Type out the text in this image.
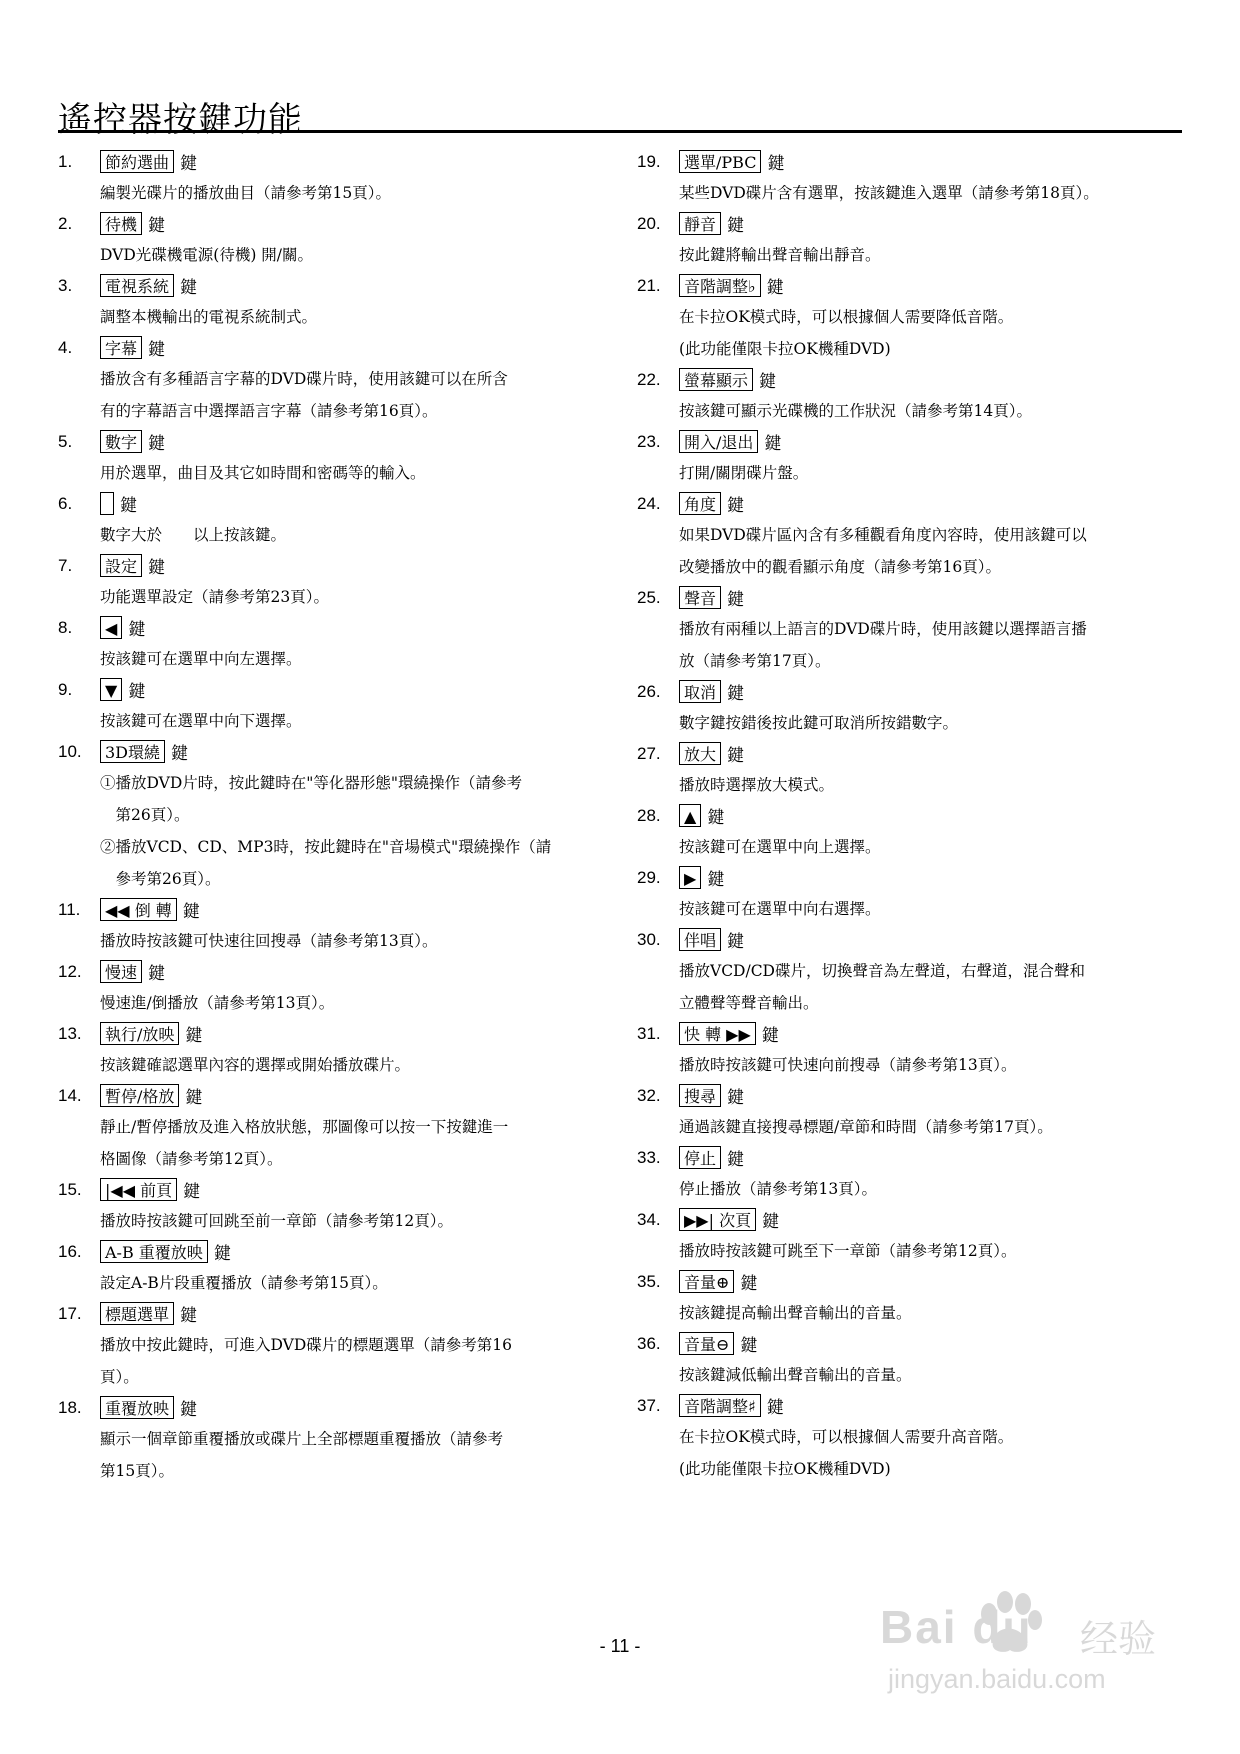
遙控器按鍵功能
1.	節約選曲 鍵
編製光碟片的播放曲目（請參考第15頁）。
2.	待機 鍵
DVD光碟機電源(待機) 開/關。
3.	電視系統 鍵
調整本機輸出的電視系統制式。
4.	字幕 鍵
播放含有多種語言字幕的DVD碟片時，使用該鍵可以在所含
有的字幕語言中選擇語言字幕（請參考第16頁）。
5.	數字 鍵
用於選單，曲目及其它如時間和密碼等的輸入。
6.	鍵
數字大於　　以上按該鍵。
7.	設定 鍵
功能選單設定（請參考第23頁）。
8.	◀ 鍵
按該鍵可在選單中向左選擇。
9.	▼ 鍵
按該鍵可在選單中向下選擇。
10.	3D環繞 鍵
①播放DVD片時，按此鍵時在"等化器形態"環繞操作（請參考
　第26頁）。
②播放VCD、CD、MP3時，按此鍵時在"音場模式"環繞操作（請
　參考第26頁）。
11.	◀◀ 倒 轉 鍵
播放時按該鍵可快速往回搜尋（請參考第13頁）。
12.	慢速 鍵
慢速進/倒播放（請參考第13頁）。
13.	執行/放映 鍵
按該鍵確認選單內容的選擇或開始播放碟片。
14.	暫停/格放 鍵
靜止/暫停播放及進入格放狀態，那圖像可以按一下按鍵進一
格圖像（請參考第12頁）。
15.	|◀◀ 前頁 鍵
播放時按該鍵可回跳至前一章節（請參考第12頁）。
16.	A-B 重覆放映 鍵
設定A-B片段重覆播放（請參考第15頁）。
17.	標題選單 鍵
播放中按此鍵時，可進入DVD碟片的標題選單（請參考第16
頁）。
18.	重覆放映 鍵
顯示一個章節重覆播放或碟片上全部標題重覆播放（請參考
第15頁）。
19.	選單/PBC 鍵
某些DVD碟片含有選單，按該鍵進入選單（請參考第18頁）。
20.	靜音 鍵
按此鍵將輸出聲音輸出靜音。
21.	音階調整♭ 鍵
在卡拉OK模式時，可以根據個人需要降低音階。
(此功能僅限卡拉OK機種DVD)
22.	螢幕顯示 鍵
按該鍵可顯示光碟機的工作狀況（請參考第14頁）。
23.	開入/退出 鍵
打開/關閉碟片盤。
24.	角度 鍵
如果DVD碟片區內含有多種觀看角度內容時，使用該鍵可以
改變播放中的觀看顯示角度（請參考第16頁）。
25.	聲音 鍵
播放有兩種以上語言的DVD碟片時，使用該鍵以選擇語言播
放（請參考第17頁）。
26.	取消 鍵
數字鍵按錯後按此鍵可取消所按錯數字。
27.	放大 鍵
播放時選擇放大模式。
28.	▲ 鍵
按該鍵可在選單中向上選擇。
29.	▶ 鍵
按該鍵可在選單中向右選擇。
30.	伴唱 鍵
播放VCD/CD碟片，切換聲音為左聲道，右聲道，混合聲和
立體聲等聲音輸出。
31.	快 轉 ▶▶ 鍵
播放時按該鍵可快速向前搜尋（請參考第13頁）。
32.	搜尋 鍵
通過該鍵直接搜尋標題/章節和時間（請參考第17頁）。
33.	停止 鍵
停止播放（請參考第13頁）。
34.	▶▶| 次頁 鍵
播放時按該鍵可跳至下一章節（請參考第12頁）。
35.	音量⊕ 鍵
按該鍵提高輸出聲音輸出的音量。
36.	音量⊖ 鍵
按該鍵減低輸出聲音輸出的音量。
37.	音階調整♯ 鍵
在卡拉OK模式時，可以根據個人需要升高音階。
(此功能僅限卡拉OK機種DVD)
- 11 -	Bai du 经验
jingyan.baidu.com
